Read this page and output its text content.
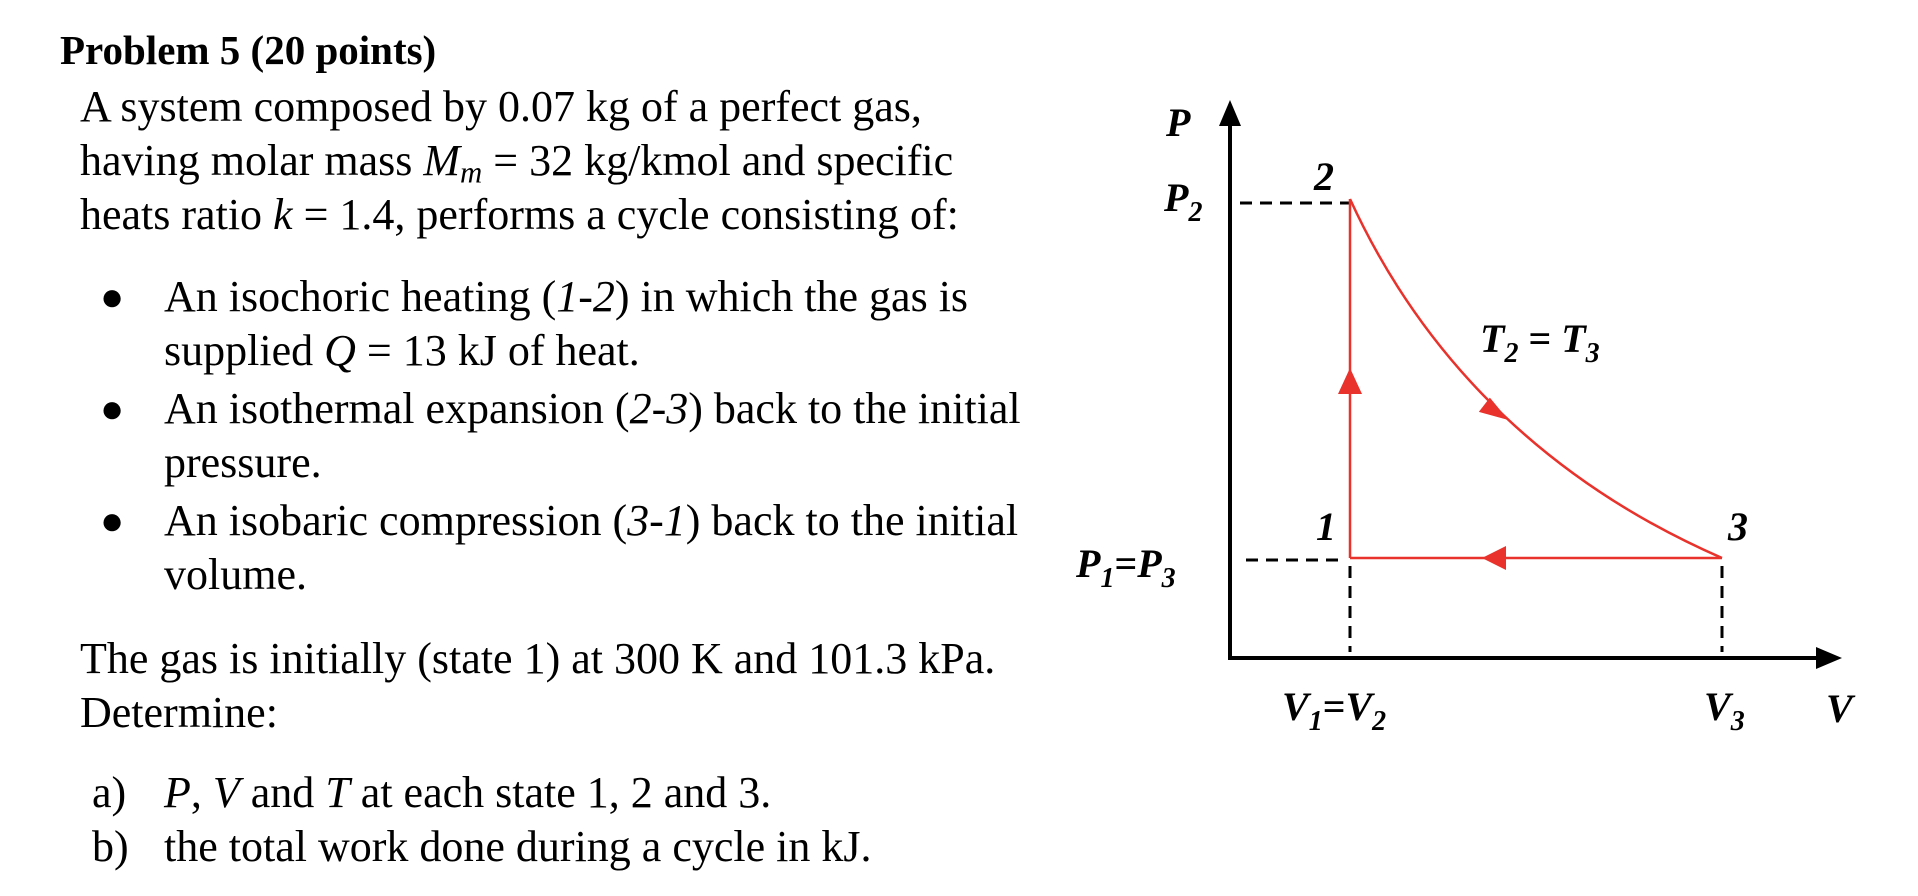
Problem 5 (20 points)
A system composed by 0.07 kg of a perfect gas, having molar mass $M_m = 32$ kg/kmol and specific heats ratio k = 1.4, performs a cycle consisting of:
● An isochoric heating (1-2) in which the gas is supplied Q = 13 kJ of heat.
● An isothermal expansion (2-3) back to the initial pressure.
● An isobaric compression (3-1) back to the initial volume.
The gas is initially (state 1) at 300 K and 101.3 kPa. Determine:
a) P, V and T at each state 1, 2 and 3.
b) the total work done during a cycle in kJ.
P
V
$P_2$
$P_1=P_3$
$V_1=V_2$	$V_3$
$T_2 = T_3$
1
2
3
